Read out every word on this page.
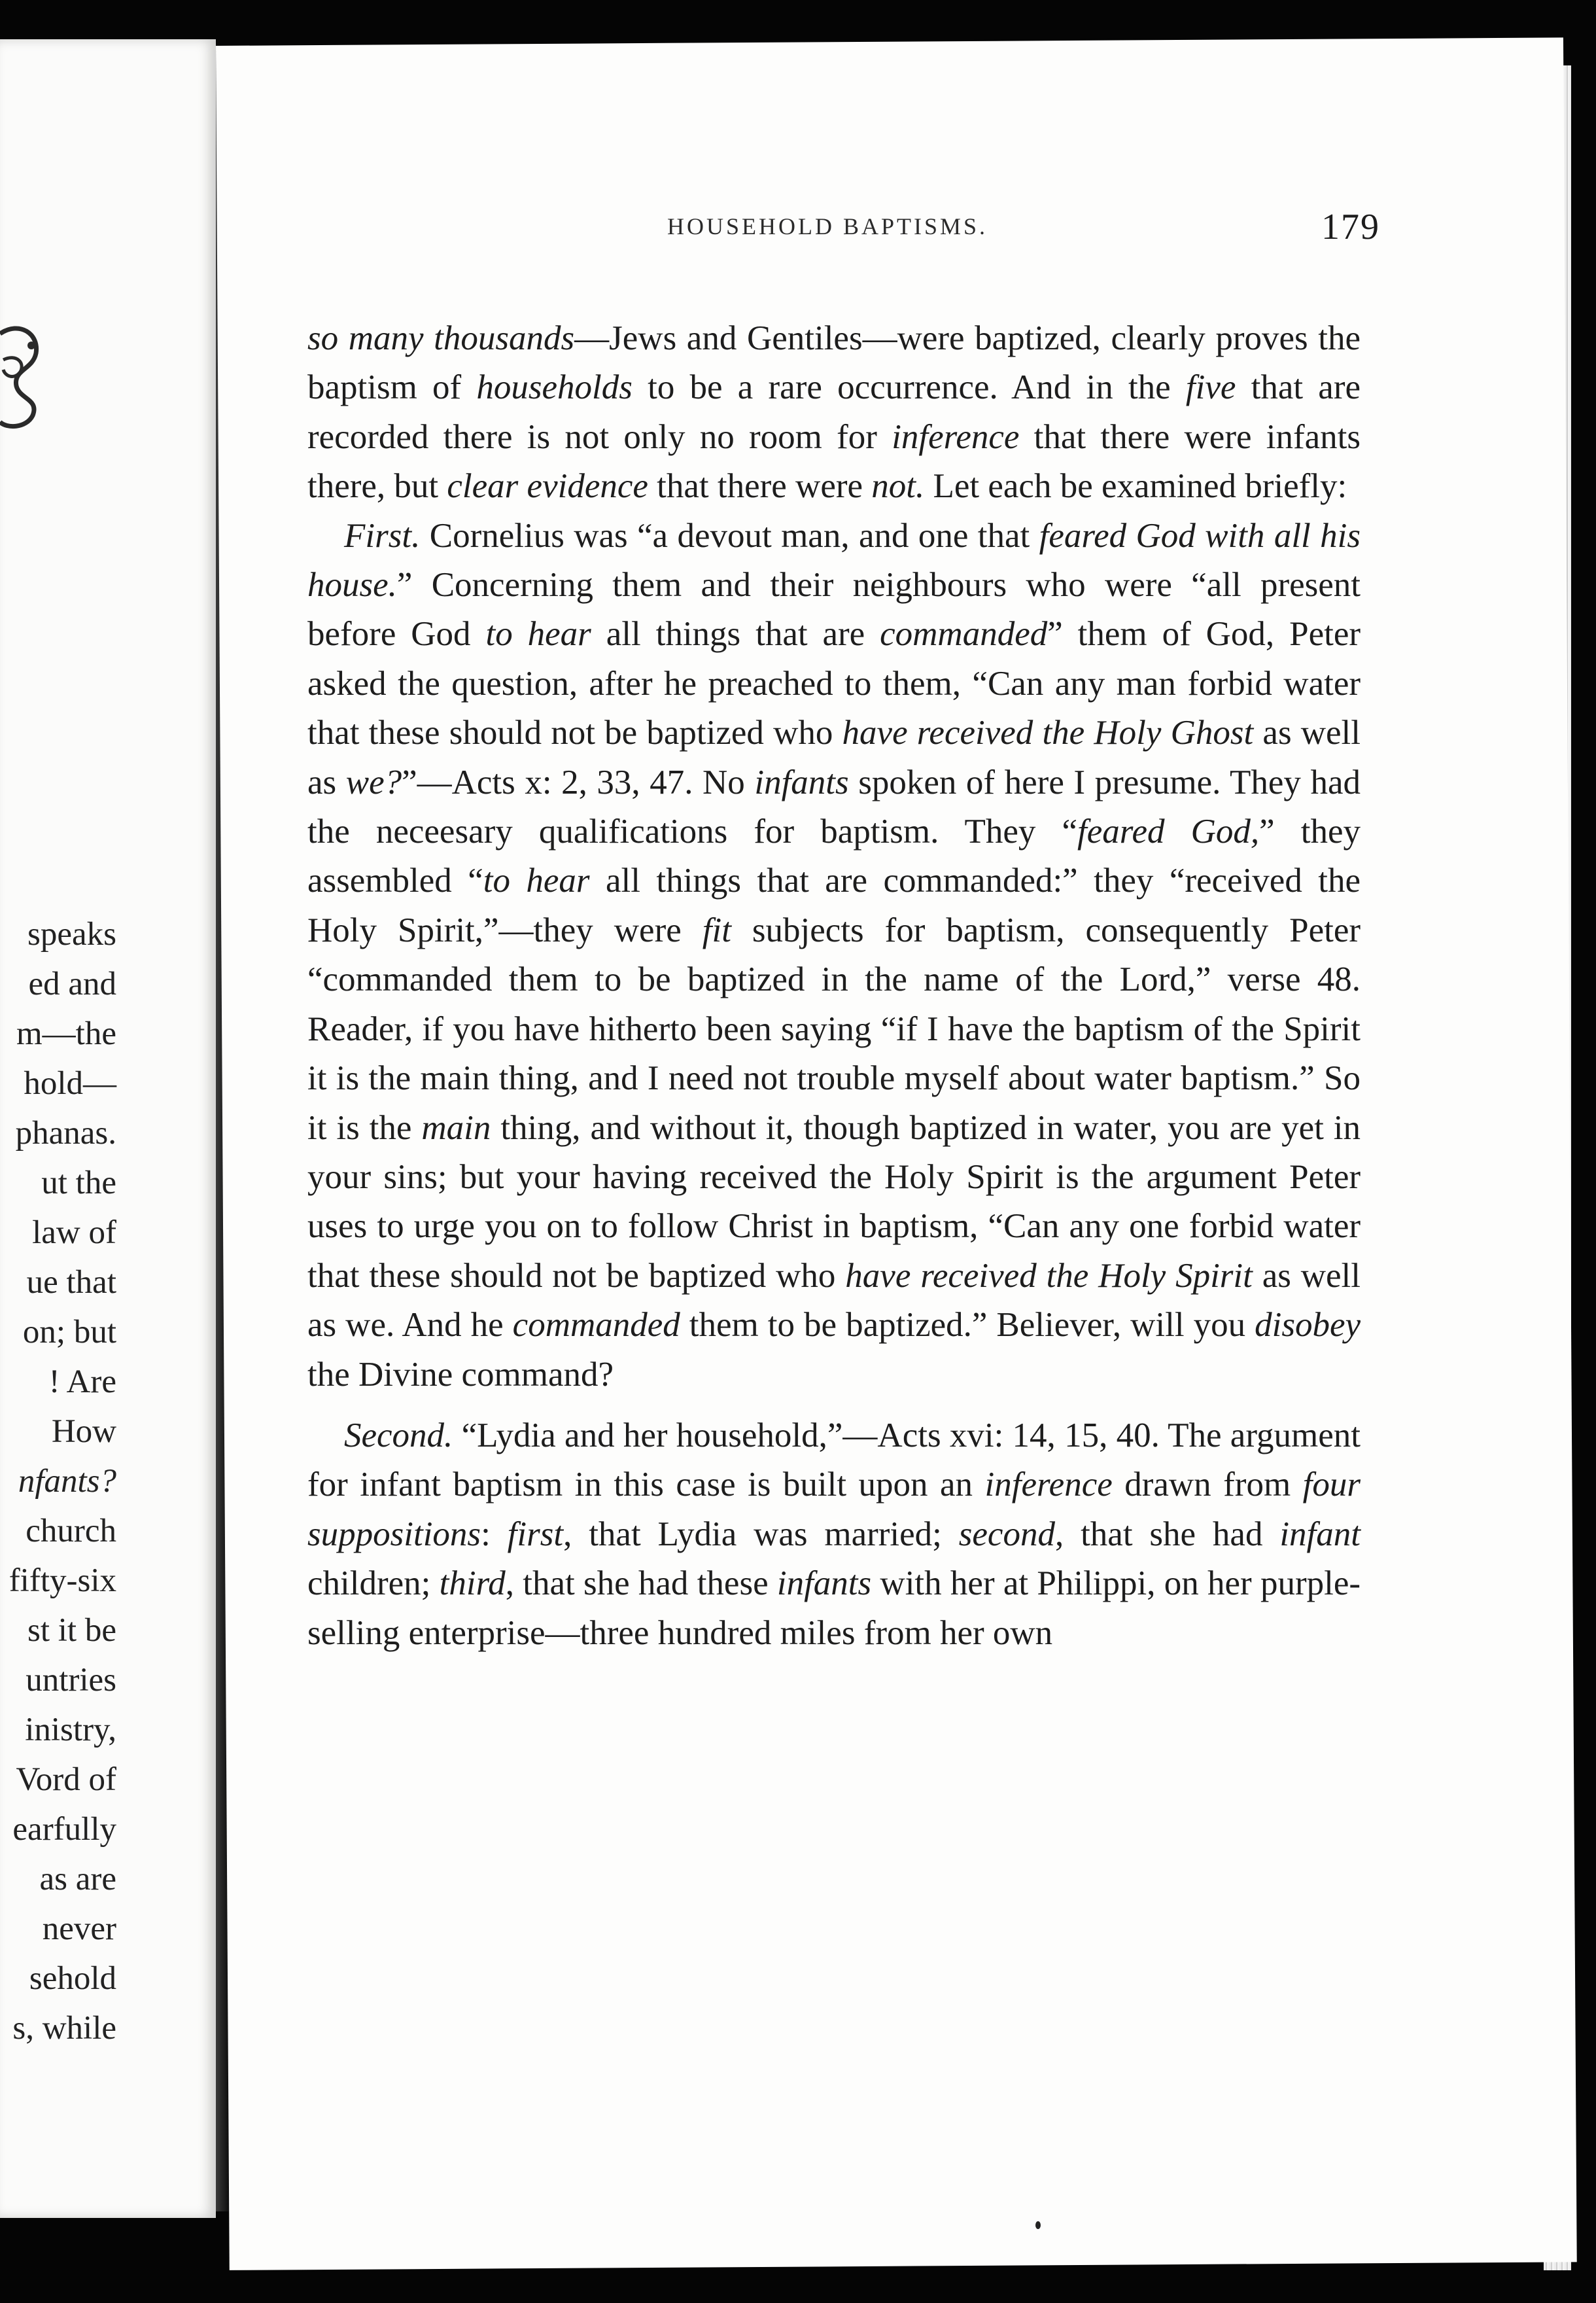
speaks
ed and
m—the
hold—
phanas.
ut the
law of
ue that
on; but
! Are
How
nfants?
church
fifty-six
st it be
untries
inistry,
Vord of
earfully
as are
never
sehold
s, while
HOUSEHOLD BAPTISMS.	179

so many thousands—Jews and Gentiles—were baptized, clearly proves the baptism of households to be a rare occurrence. And in the five that are recorded there is not only no room for inference that there were infants there, but clear evidence that there were not. Let each be examined briefly:

First. Cornelius was “a devout man, and one that feared God with all his house.” Concerning them and their neighbours who were “all present before God to hear all things that are commanded” them of God, Peter asked the question, after he preached to them, “Can any man forbid water that these should not be baptized who have received the Holy Ghost as well as we?”—Acts x: 2, 33, 47. No infants spoken of here I presume. They had the neceesary qualifications for baptism. They “feared God,” they assembled “to hear all things that are commanded:” they “received the Holy Spirit,”—they were fit subjects for baptism, consequently Peter “commanded them to be baptized in the name of the Lord,” verse 48. Reader, if you have hitherto been saying “if I have the baptism of the Spirit it is the main thing, and I need not trouble myself about water baptism.” So it is the main thing, and without it, though baptized in water, you are yet in your sins; but your having received the Holy Spirit is the argument Peter uses to urge you on to follow Christ in baptism, “Can any one forbid water that these should not be baptized who have received the Holy Spirit as well as we. And he commanded them to be baptized.” Believer, will you disobey the Divine command?

Second. “Lydia and her household,”—Acts xvi: 14, 15, 40. The argument for infant baptism in this case is built upon an inference drawn from four suppositions: first, that Lydia was married; second, that she had infant children; third, that she had these infants with her at Philippi, on her purple-selling enterprise—three hundred miles from her own
